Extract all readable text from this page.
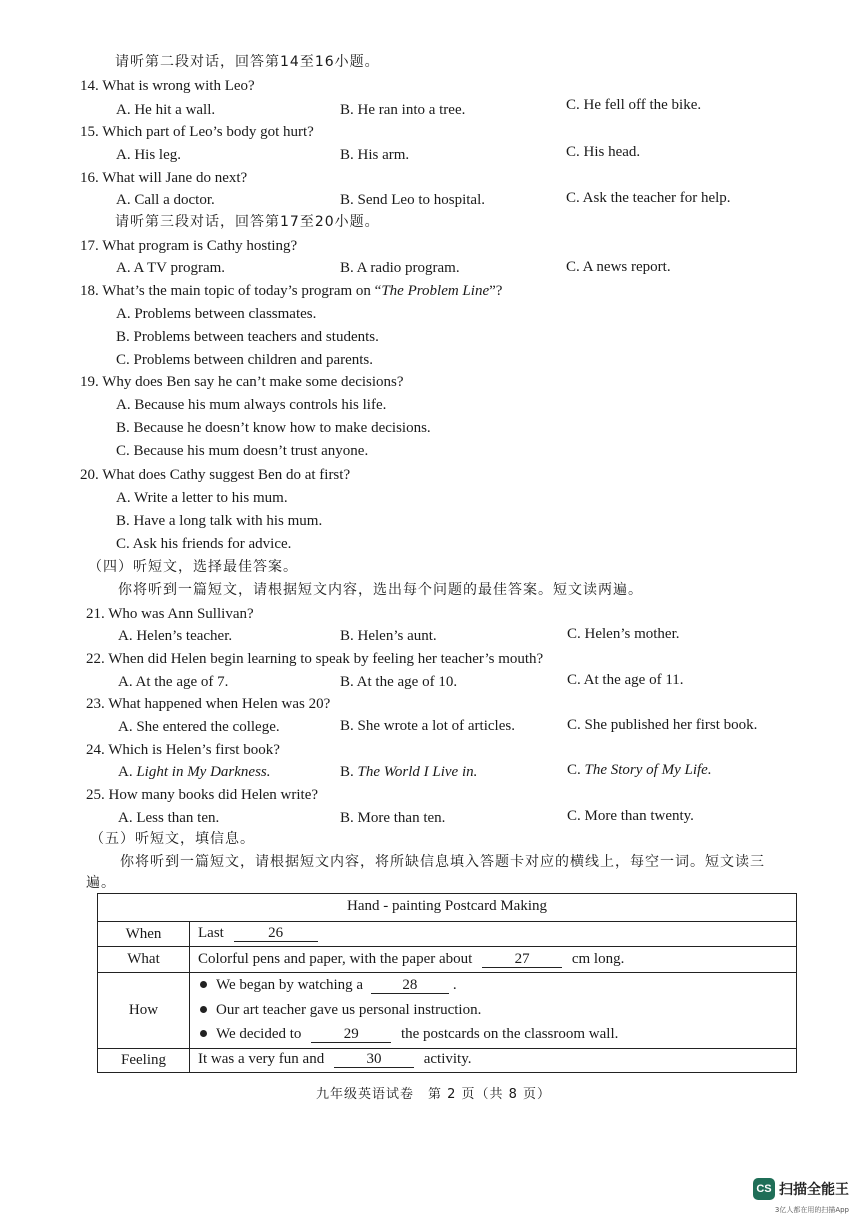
请听第二段对话，回答第14至16小题。
14. What is wrong with Leo?
A. He hit a wall.	B. He ran into a tree.	C. He fell off the bike.
15. Which part of Leo’s body got hurt?
A. His leg.	B. His arm.	C. His head.
16. What will Jane do next?
A. Call a doctor.	B. Send Leo to hospital.	C. Ask the teacher for help.
请听第三段对话，回答第17至20小题。
17. What program is Cathy hosting?
A. A TV program.	B. A radio program.	C. A news report.
18. What’s the main topic of today’s program on “The Problem Line”?
A. Problems between classmates.
B. Problems between teachers and students.
C. Problems between children and parents.
19. Why does Ben say he can’t make some decisions?
A. Because his mum always controls his life.
B. Because he doesn’t know how to make decisions.
C. Because his mum doesn’t trust anyone.
20. What does Cathy suggest Ben do at first?
A. Write a letter to his mum.
B. Have a long talk with his mum.
C. Ask his friends for advice.
（四）听短文，选择最佳答案。
你将听到一篇短文，请根据短文内容，选出每个问题的最佳答案。短文读两遍。
21. Who was Ann Sullivan?
A. Helen’s teacher.	B. Helen’s aunt.	C. Helen’s mother.
22. When did Helen begin learning to speak by feeling her teacher’s mouth?
A. At the age of 7.	B. At the age of 10.	C. At the age of 11.
23. What happened when Helen was 20?
A. She entered the college.	B. She wrote a lot of articles.	C. She published her first book.
24. Which is Helen’s first book?
A. Light in My Darkness.	B. The World I Live in.	C. The Story of My Life.
25. How many books did Helen write?
A. Less than ten.	B. More than ten.	C. More than twenty.
（五）听短文，填信息。
你将听到一篇短文，请根据短文内容，将所缺信息填入答题卡对应的横线上，每空一词。短文读三
遍。
Hand - painting Postcard Making
When	Last	26
What	Colorful pens and paper, with the paper about	27	cm long.
How
We began by watching a	28 .
Our art teacher gave us personal instruction.
We decided to	29	the postcards on the classroom wall.
Feeling	It was a very fun and	30	activity.
九年级英语试卷　第 2 页（共 8 页）
CS 扫描全能王
3亿人都在用的扫描App
